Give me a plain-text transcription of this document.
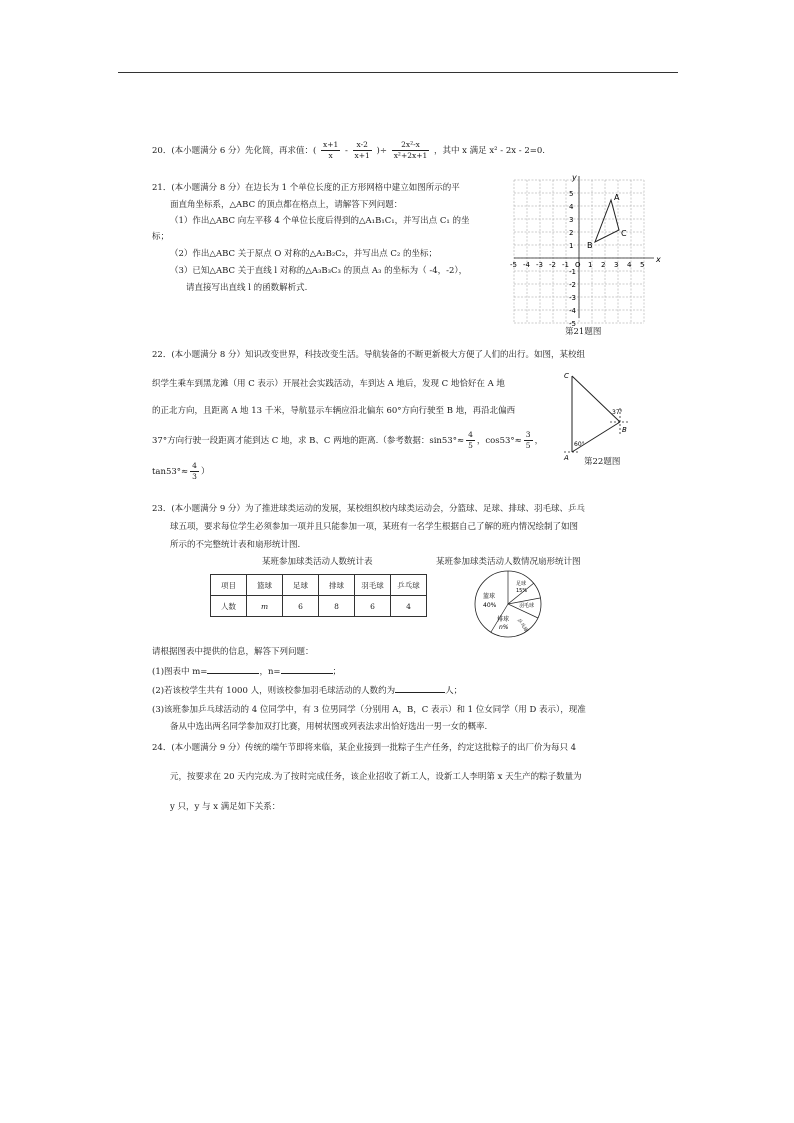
20．(本小题满分 6 分）先化简，再求值：( $\frac{x+1}{x} - \frac{x-2}{x+1}$ )÷ $\frac{\text{2x²-x}}{\text{x²+2x+1}}$ ，其中 x 满足 x² - 2x - 2=0.
21．(本小题满分 8 分）在边长为 1 个单位长度的正方形网格中建立如图所示的平
面直角坐标系，△ABC 的顶点都在格点上，请解答下列问题：
（1）作出△ABC 向左平移 4 个单位长度后得到的△A₁B₁C₁，并写出点 C₁ 的坐
标；
（2）作出△ABC 关于原点 O 对称的△A₂B₂C₂，并写出点 C₂ 的坐标；
（3）已知△ABC 关于直线 l 对称的△A₃B₃C₃ 的顶点 A₃ 的坐标为（ -4，-2），
请直接写出直线 l 的函数解析式.
A
B
C
x
y
-5 -4 -3 -2 -1 O 1 2 3 4 5
5
4
3
2
1
-1
-2
-3
-4
-5
第21题图
22．(本小题满分 8 分）知识改变世界，科技改变生活。导航装备的不断更新极大方便了人们的出行。如图，某校组
织学生乘车到黑龙滩（用 C 表示）开展社会实践活动，车到达 A 地后，发现 C 地恰好在 A 地
的正北方向，且距离 A 地 13 千米，导航显示车辆应沿北偏东 60°方向行驶至 B 地，再沿北偏西
37°方向行驶一段距离才能到达 C 地，求 B、C 两地的距离.（参考数据：$\sin 53^\circ\approx \frac{4}{5}$ ，$\cos 53^\circ\approx \frac{3}{5}$ ，
$\tan 53^\circ\approx \frac{4}{3}$ ）
C
A
B
37°
60°
第22题图
23．(本小题满分 9 分）为了推进球类运动的发展，某校组织校内球类运动会，分篮球、足球、排球、羽毛球、乒乓
球五项，要求每位学生必须参加一项并且只能参加一项，某班有一名学生根据自己了解的班内情况绘制了如图
所示的不完整统计表和扇形统计图.
某班参加球类活动人数统计表	某班参加球类活动人数情况扇形统计图
项目	篮球	足球	排球	羽毛球	乒乓球
人数	m	6	8	6	4
篮球
40%
足球
15%
羽毛球
乒乓球
排球
n%
请根据图表中提供的信息，解答下列问题：
(1)图表中 m=	，n=	；
(2)若该校学生共有 1000 人，则该校参加羽毛球活动的人数约为	人；
(3)该班参加乒乓球活动的 4 位同学中，有 3 位男同学（分别用 A，B，C 表示）和 1 位女同学（用 D 表示），现准
备从中选出两名同学参加双打比赛，用树状图或列表法求出恰好选出一男一女的概率.
24．(本小题满分 9 分）传统的端午节即将来临，某企业接到一批粽子生产任务，约定这批粽子的出厂价为每只 4
元，按要求在 20 天内完成.为了按时完成任务，该企业招收了新工人，设新工人李明第 x 天生产的粽子数量为
y 只，y 与 x 满足如下关系：
